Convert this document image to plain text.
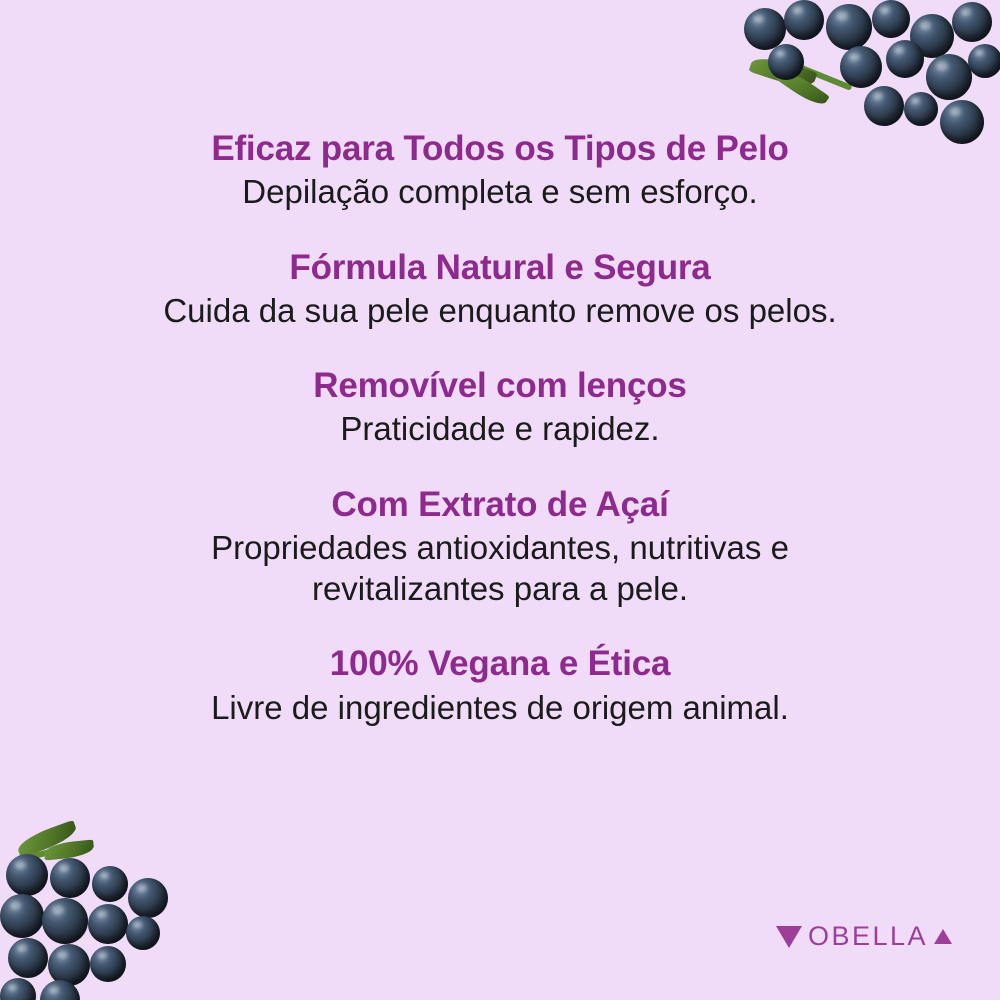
Eficaz para Todos os Tipos de Pelo
Depilação completa e sem esforço.
Fórmula Natural e Segura
Cuida da sua pele enquanto remove os pelos.
Removível com lenços
Praticidade e rapidez.
Com Extrato de Açaí
Propriedades antioxidantes, nutritivas e revitalizantes para a pele.
100% Vegana e Ética
Livre de ingredientes de origem animal.
OBELLA
